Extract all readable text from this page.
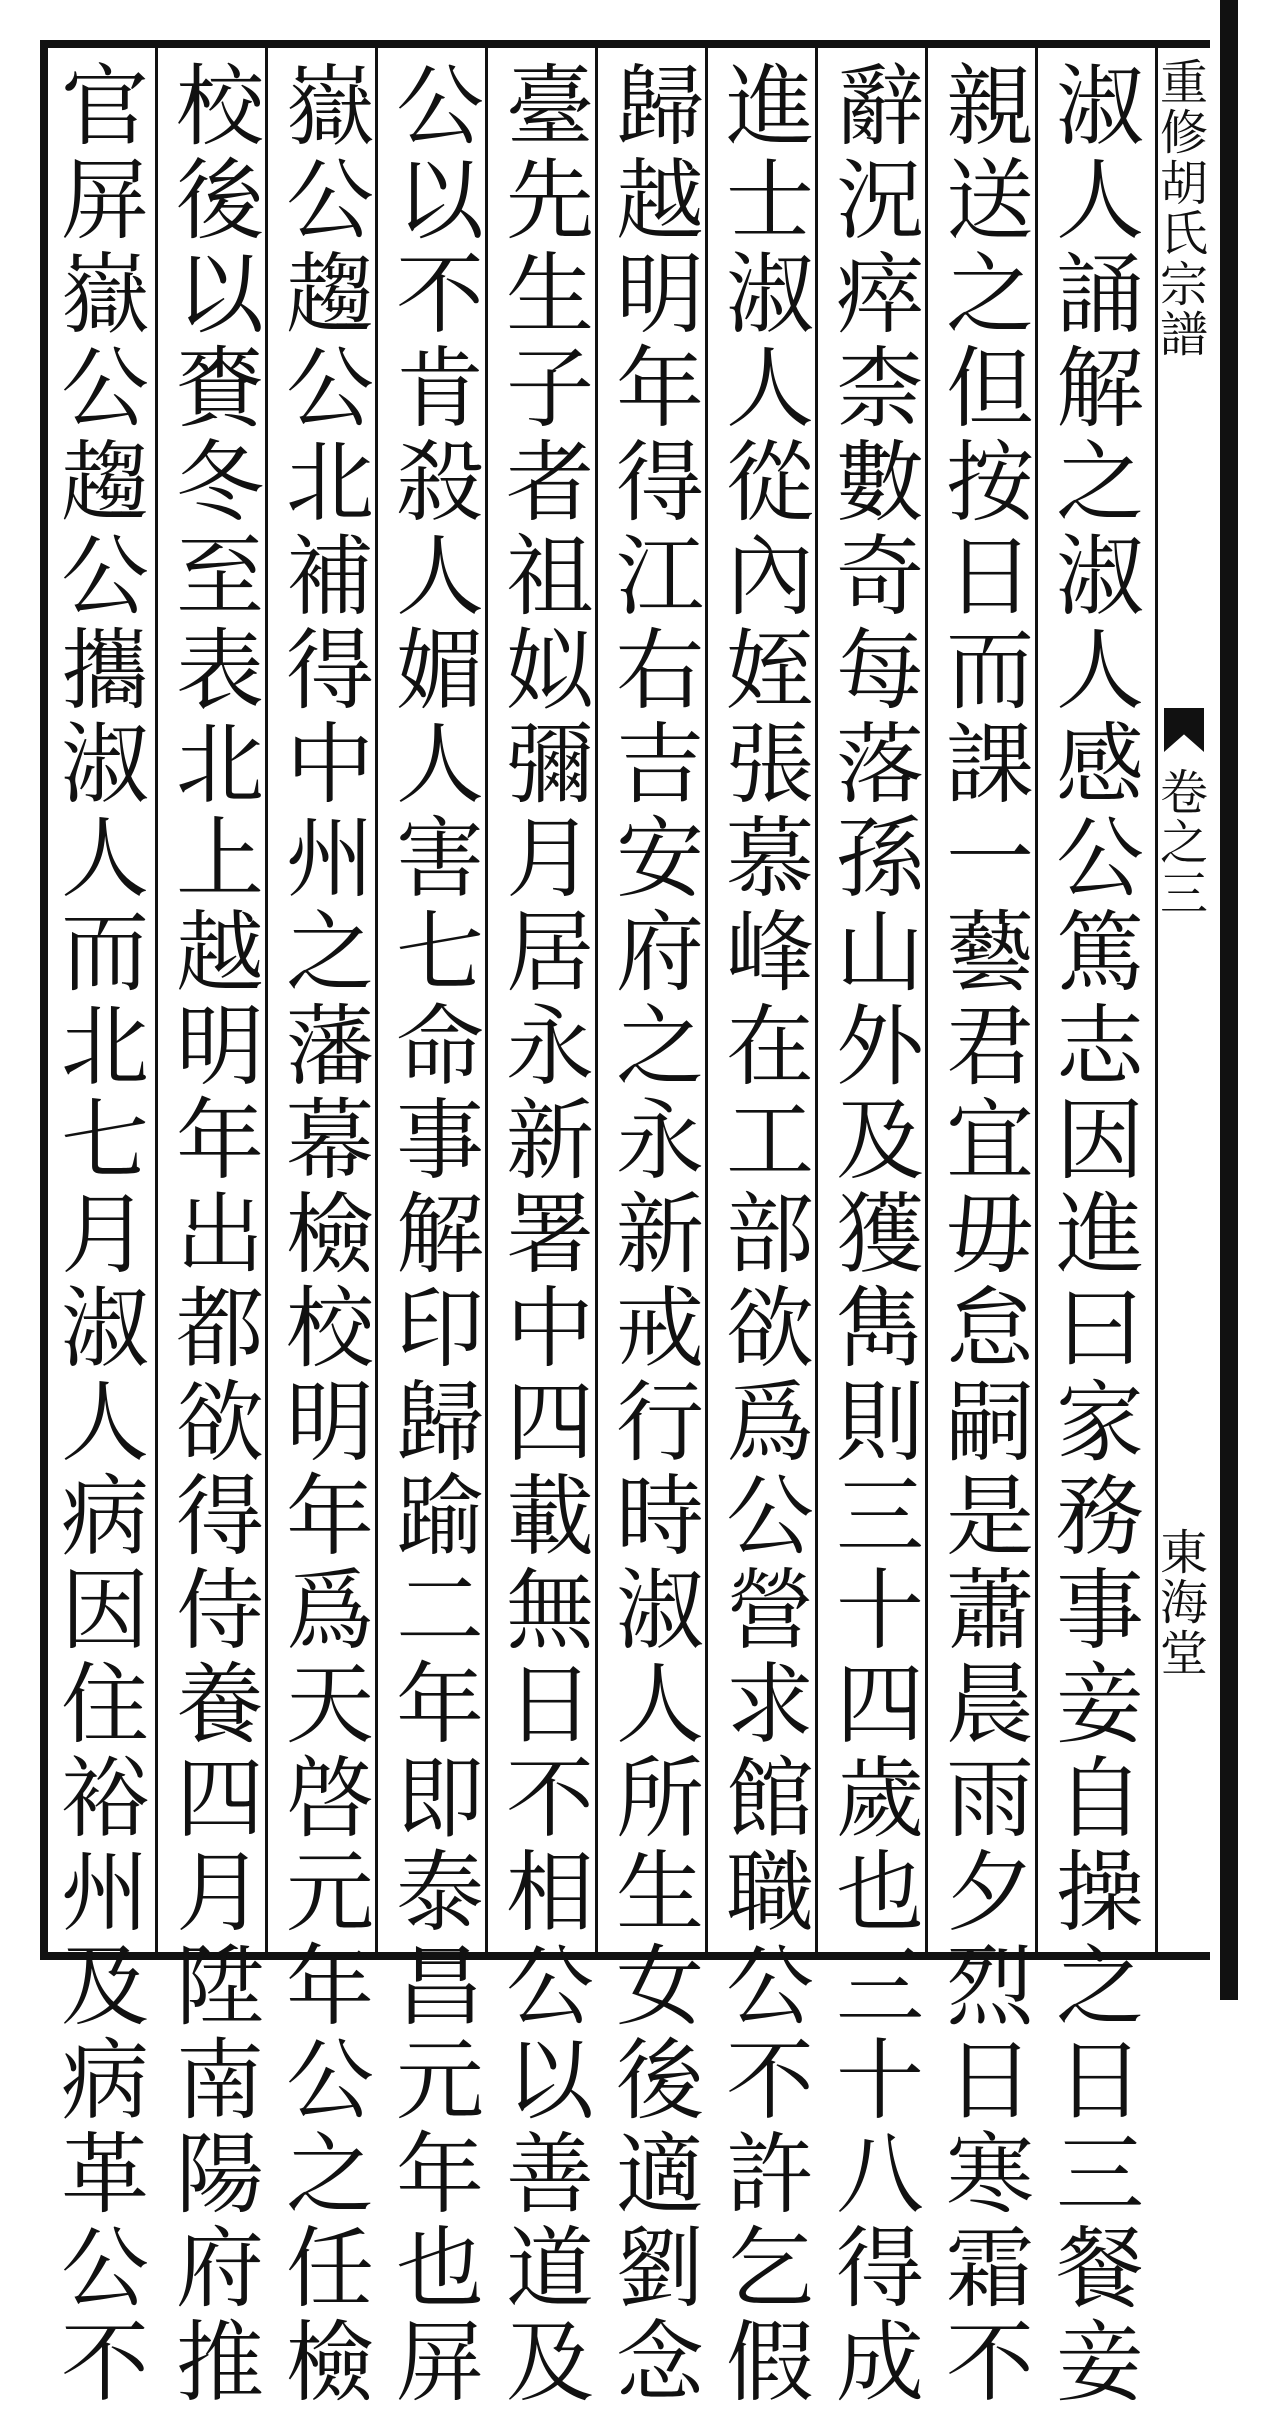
重
修
胡
氏
宗
譜
東
海
堂
卷
之
三
淑
人
誦
解
之
淑
人
感
公
篤
志
因
進
曰
家
務
事
妾
自
操
之
日
三
餐
妾
親
送
之
但
按
日
而
課
一
藝
君
宜
毋
怠
嗣
是
蕭
晨
雨
夕
烈
日
寒
霜
不
辭
況
瘁
柰
數
奇
每
落
孫
山
外
及
獲
雋
則
三
十
四
歲
也
三
十
八
得
成
進
士
淑
人
從
內
姪
張
慕
峰
在
工
部
欲
爲
公
營
求
館
職
公
不
許
乞
假
歸
越
明
年
得
江
右
吉
安
府
之
永
新
戒
行
時
淑
人
所
生
女
後
適
劉
念
臺
先
生
子
者
祖
姒
彌
月
居
永
新
署
中
四
載
無
日
不
相
公
以
善
道
及
公
以
不
肯
殺
人
媚
人
害
七
命
事
解
印
歸
踰
二
年
即
泰
昌
元
年
也
屏
嶽
公
趨
公
北
補
得
中
州
之
藩
幕
檢
校
明
年
爲
天
啓
元
年
公
之
任
檢
校
後
以
賚
冬
至
表
北
上
越
明
年
出
都
欲
得
侍
養
四
月
陞
南
陽
府
推
官
屏
嶽
公
趨
公
攜
淑
人
而
北
七
月
淑
人
病
因
住
裕
州
及
病
革
公
不
